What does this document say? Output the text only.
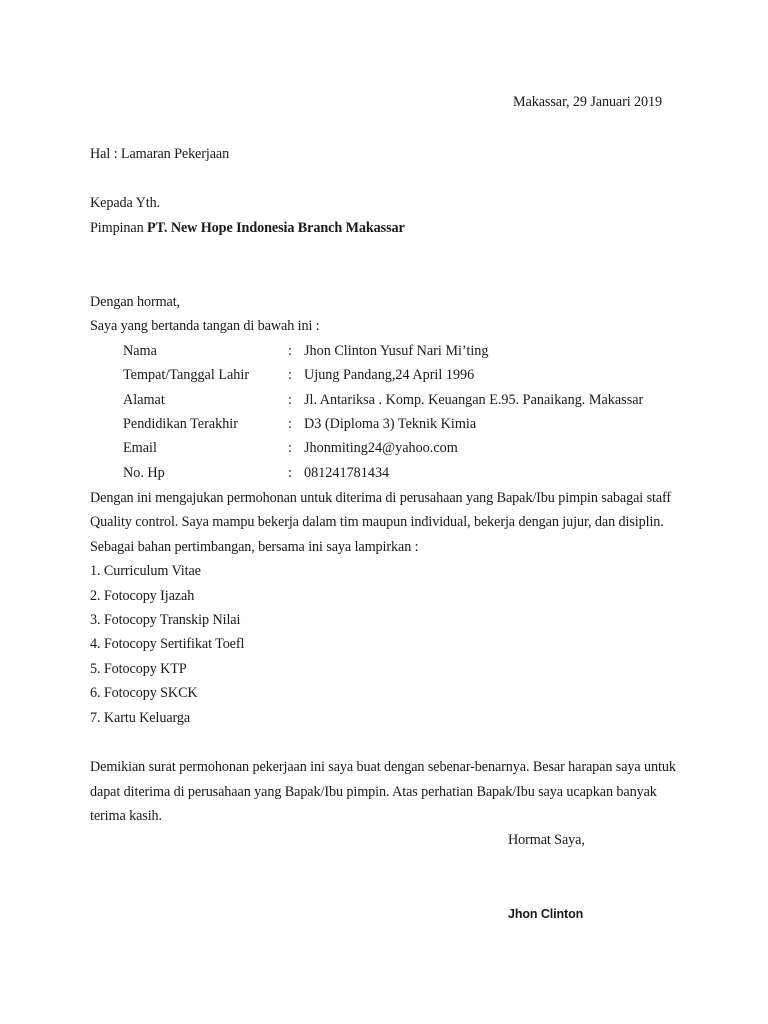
Makassar, 29 Januari 2019
Hal : Lamaran Pekerjaan
Kepada Yth.
Pimpinan PT. New Hope Indonesia Branch Makassar
Dengan hormat,
Saya yang bertanda tangan di bawah ini :
Nama	: Jhon Clinton Yusuf Nari Mi’ting
Tempat/Tanggal Lahir	: Ujung Pandang,24 April 1996
Alamat	: Jl. Antariksa . Komp. Keuangan E.95. Panaikang. Makassar
Pendidikan Terakhir	: D3 (Diploma 3) Teknik Kimia
Email	: Jhonmiting24@yahoo.com
No. Hp	: 081241781434
Dengan ini mengajukan permohonan untuk diterima di perusahaan yang Bapak/Ibu pimpin sabagai staff
Quality control. Saya mampu bekerja dalam tim maupun individual, bekerja dengan jujur, dan disiplin.
Sebagai bahan pertimbangan, bersama ini saya lampirkan :
1. Curriculum Vitae
2. Fotocopy Ijazah
3. Fotocopy Transkip Nilai
4. Fotocopy Sertifikat Toefl
5. Fotocopy KTP
6. Fotocopy SKCK
7. Kartu Keluarga
Demikian surat permohonan pekerjaan ini saya buat dengan sebenar-benarnya. Besar harapan saya untuk
dapat diterima di perusahaan yang Bapak/Ibu pimpin. Atas perhatian Bapak/Ibu saya ucapkan banyak
terima kasih.
Hormat Saya,
Jhon Clinton
